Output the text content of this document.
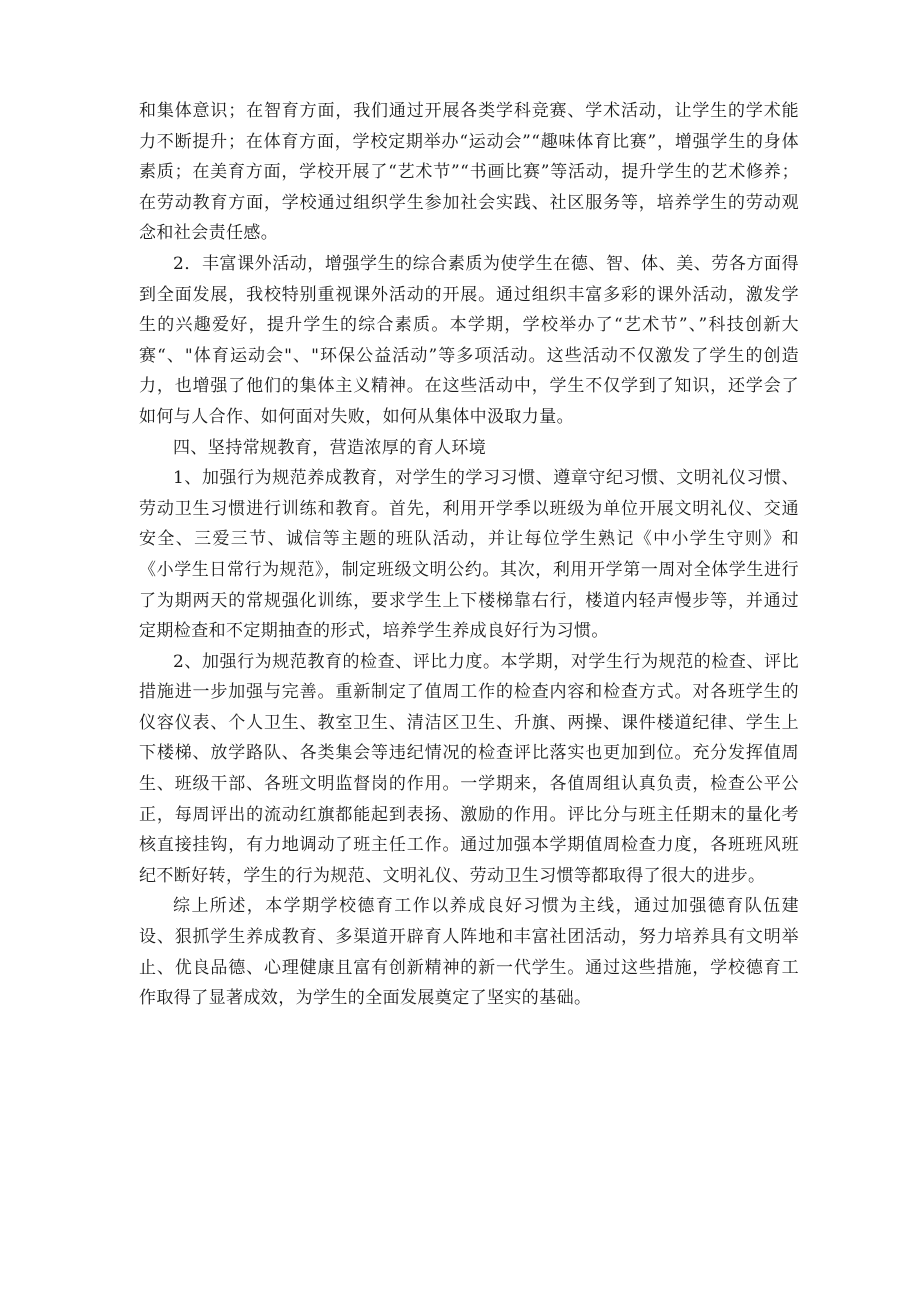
和集体意识；在智育方面，我们通过开展各类学科竞赛、学术活动，让学生的学术能力不断提升；在体育方面，学校定期举办“运动会”“趣味体育比赛”，增强学生的身体素质；在美育方面，学校开展了“艺术节”“书画比赛”等活动，提升学生的艺术修养；在劳动教育方面，学校通过组织学生参加社会实践、社区服务等，培养学生的劳动观念和社会责任感。

2．丰富课外活动，增强学生的综合素质为使学生在德、智、体、美、劳各方面得到全面发展，我校特别重视课外活动的开展。通过组织丰富多彩的课外活动，激发学生的兴趣爱好，提升学生的综合素质。本学期，学校举办了“艺术节”、”科技创新大赛“、"体育运动会"、"环保公益活动”等多项活动。这些活动不仅激发了学生的创造力，也增强了他们的集体主义精神。在这些活动中，学生不仅学到了知识，还学会了如何与人合作、如何面对失败，如何从集体中汲取力量。

四、坚持常规教育，营造浓厚的育人环境

1、加强行为规范养成教育，对学生的学习习惯、遵章守纪习惯、文明礼仪习惯、劳动卫生习惯进行训练和教育。首先，利用开学季以班级为单位开展文明礼仪、交通安全、三爱三节、诚信等主题的班队活动，并让每位学生熟记《中小学生守则》和《小学生日常行为规范》，制定班级文明公约。其次，利用开学第一周对全体学生进行了为期两天的常规强化训练，要求学生上下楼梯靠右行，楼道内轻声慢步等，并通过定期检查和不定期抽查的形式，培养学生养成良好行为习惯。

2、加强行为规范教育的检查、评比力度。本学期，对学生行为规范的检查、评比措施进一步加强与完善。重新制定了值周工作的检查内容和检查方式。对各班学生的仪容仪表、个人卫生、教室卫生、清洁区卫生、升旗、两操、课件楼道纪律、学生上下楼梯、放学路队、各类集会等违纪情况的检查评比落实也更加到位。充分发挥值周生、班级干部、各班文明监督岗的作用。一学期来，各值周组认真负责，检查公平公正，每周评出的流动红旗都能起到表扬、激励的作用。评比分与班主任期末的量化考核直接挂钩，有力地调动了班主任工作。通过加强本学期值周检查力度，各班班风班纪不断好转，学生的行为规范、文明礼仪、劳动卫生习惯等都取得了很大的进步。

综上所述，本学期学校德育工作以养成良好习惯为主线，通过加强德育队伍建设、狠抓学生养成教育、多渠道开辟育人阵地和丰富社团活动，努力培养具有文明举止、优良品德、心理健康且富有创新精神的新一代学生。通过这些措施，学校德育工作取得了显著成效，为学生的全面发展奠定了坚实的基础。
